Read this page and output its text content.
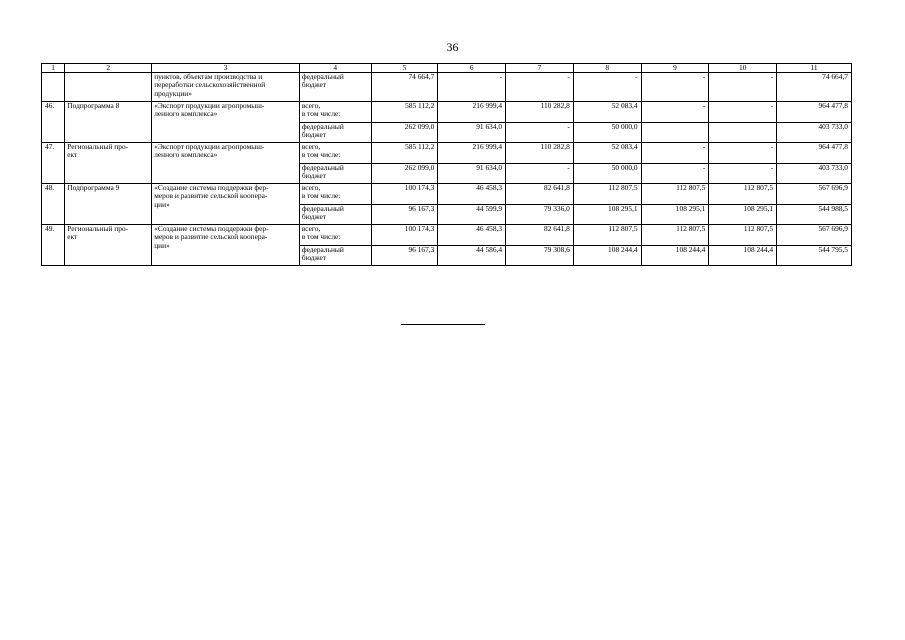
36
1	2	3	4	5	6	7	8	9	10	11
		пунктов, объектам производства и
переработки сельскохозяйственной
продукции»	федеральный
бюджет	74 664,7	-	-	-	-	-	74 664,7
46.	Подпрограмма 8	«Экспорт продукции агропромыш-
ленного комплекса»	всего,
в том числе:	585 112,2	216 999,4	110 282,8	52 083,4	-	-	964 477,8
			федеральный
бюджет	262 099,0	91 634,0	-	50 000,0			403 733,0
47.	Региональный про-
ект	«Экспорт продукции агропромыш-
ленного комплекса»	всего,
в том числе:	585 112,2	216 999,4	110 282,8	52 083,4	-	-	964 477,8
			федеральный
бюджет	262 099,0	91 634,0	-	50 000,0	-	-	403 733,0
48.	Подпрограмма 9	«Создание системы поддержки фер-
меров и развитие сельской коопера-
ции»	всего,
в том числе:	100 174,3	46 458,3	82 641,8	112 807,5	112 807,5	112 807,5	567 696,9
			федеральный
бюджет	96 167,3	44 599,9	79 336,0	108 295,1	108 295,1	108 295,1	544 988,5
49.	Региональный про-
ект	«Создание системы поддержки фер-
меров и развитие сельской коопера-
ции»	всего,
в том числе:	100 174,3	46 458,3	82 641,8	112 807,5	112 807,5	112 807,5	567 696,9
			федеральный
бюджет	96 167,3	44 586,4	79 308,6	108 244,4	108 244,4	108 244,4	544 795,5
